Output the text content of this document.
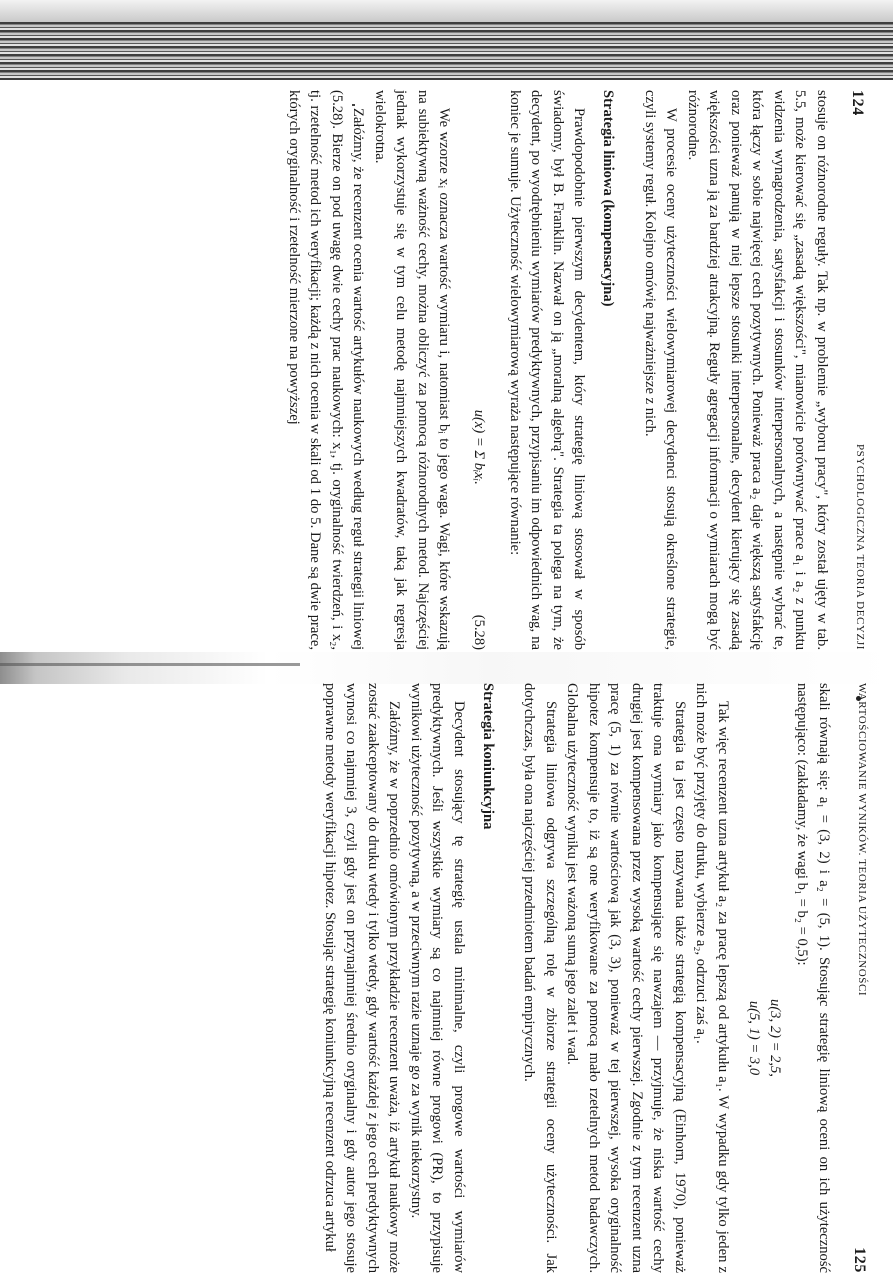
124
PSYCHOLOGICZNA TEORIA DECYZJI

stosuje on różnorodne reguły. Tak np. w problemie „wyboru pracy", który został ujęty w tab. 5.5, może kierować się „zasadą większości", mianowicie porównywać prace a₁ i a₂ z punktu widzenia wynagrodzenia, satysfakcji i stosunków interpersonalnych, a następnie wybrać te, która łączy w sobie najwięcej cech pozytywnych. Ponieważ praca a₂ daje większą satysfakcję oraz ponieważ panują w niej lepsze stosunki interpersonalne, decydent kierujący się zasadą większości uzna ją za bardziej atrakcyjną. Reguły agregacji informacji o wymiarach mogą być różnorodne.

W procesie oceny użyteczności wielowymiarowej decydenci stosują określone strategie, czyli systemy reguł. Kolejno omówię najważniejsze z nich.

Strategia liniowa (kompensacyjna)

Prawdopodobnie pierwszym decydentem, który strategię liniową stosował w sposób świadomy, był B. Franklin. Nazwał on ją „moralną algebrą". Strategia ta polega na tym, że decydent, po wyodrębnieniu wymiarów predyktywnych, przypisaniu im odpowiednich wag, na koniec je sumuje. Użyteczność wielowymiarową wyraża następujące równanie:

u(x) = Σ bᵢxᵢ.
(5.28)

We wzorze xᵢ oznacza wartość wymiaru i, natomiast bᵢ to jego waga. Wagi, które wskazują na subiektywną ważność cechy, można obliczyć za pomocą różnorodnych metod. Najczęściej jednak wykorzystuje się w tym celu metodę najmniejszych kwadratów, taką jak regresja wielokrotna.

Załóżmy, że recenzent ocenia wartość artykułów naukowych według reguł strategii liniowej (5.28). Bierze on pod uwagę dwie cechy prac naukowych: x₁, tj. oryginalność twierdzeń, i x₂, tj. rzetelność metod ich weryfikacji; każdą z nich ocenia w skali od 1 do 5. Dane są dwie prace, których oryginalność i rzetelność mierzone na powyższej

WARTOŚCIOWANIE WYNIKÓW. TEORIA UŻYTECZNOŚCI
125

skali równają się: a₁ = (3, 2) i a₂ = (5, 1). Stosując strategię liniową oceni on ich użyteczność następująco: (zakładamy, że wagi b₁ = b₂ = 0,5):

u(3, 2) = 2,5,
u(5, 1) = 3,0

Tak więc recenzent uzna artykuł a₂ za pracę lepszą od artykułu a₁. W wypadku gdy tylko jeden z nich może być przyjęty do druku, wybierze a₂, odrzuci zaś a₁.

Strategia ta jest często nazywana także strategią kompensacyjną (Einhorn, 1970), ponieważ traktuje ona wymiary jako kompensujące się nawzajem — przyjmuje, że niska wartość cechy drugiej jest kompensowana przez wysoką wartość cechy pierwszej. Zgodnie z tym recenzent uzna pracę (5, 1) za równie wartościową jak (3, 3), ponieważ w tej pierwszej, wysoka oryginalność hipotez kompensuje to, iż są one weryfikowane za pomocą mało rzetelnych metod badawczych. Globalna użyteczność wyniku jest ważoną sumą jego zalet i wad.

Strategia liniowa odgrywa szczególną rolę w zbiorze strategii oceny użyteczności. Jak dotychczas, była ona najczęściej przedmiotem badań empirycznych.

Strategia koniunkcyjna

Decydent stosujący tę strategię ustala minimalne, czyli progowe wartości wymiarów predyktywnych. Jeśli wszystkie wymiary są co najmniej równe progowi (PR), to przypisuje wynikowi użyteczność pozytywną, a w przeciwnym razie uznaje go za wynik niekorzystny.

Załóżmy, że w poprzednio omówionym przykładzie recenzent uważa, iż artykuł naukowy może zostać zaakceptowany do druku wtedy i tylko wtedy, gdy wartość każdej z jego cech predyktywnych wynosi co najmniej 3, czyli gdy jest on przynajmniej średnio oryginalny i gdy autor jego stosuje poprawne metody weryfikacji hipotez. Stosując strategię koniunkcyjną recenzent odrzuca artykuł
